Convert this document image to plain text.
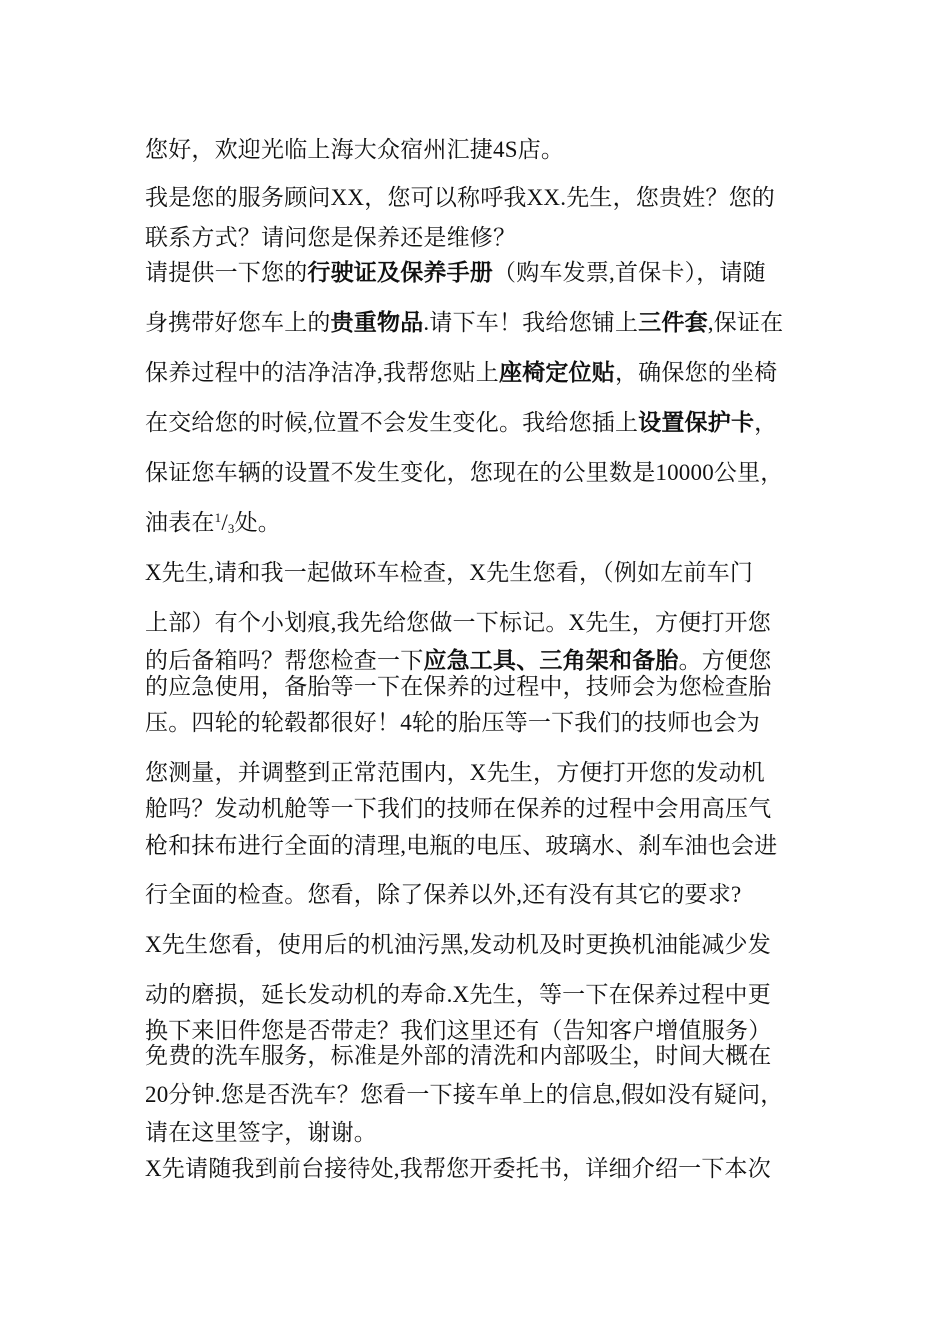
您好，欢迎光临上海大众宿州汇捷4S店。
我是您的服务顾问XX，您可以称呼我XX.先生，您贵姓？您的
联系方式？请问您是保养还是维修？
请提供一下您的行驶证及保养手册（购车发票,首保卡），请随
身携带好您车上的贵重物品.请下车！我给您铺上三件套,保证在
保养过程中的洁净洁净,我帮您贴上座椅定位贴，确保您的坐椅
在交给您的时候,位置不会发生变化。我给您插上设置保护卡，
保证您车辆的设置不发生变化，您现在的公里数是10000公里，
油表在$^1/_3$处。
X先生,请和我一起做环车检查，X先生您看，（例如左前车门
上部）有个小划痕,我先给您做一下标记。X先生，方便打开您
的后备箱吗？帮您检查一下应急工具、三角架和备胎。方便您
的应急使用，备胎等一下在保养的过程中，技师会为您检查胎
压。四轮的轮毂都很好！4轮的胎压等一下我们的技师也会为
您测量，并调整到正常范围内，X先生，方便打开您的发动机
舱吗？发动机舱等一下我们的技师在保养的过程中会用高压气
枪和抹布进行全面的清理,电瓶的电压、玻璃水、刹车油也会进
行全面的检查。您看，除了保养以外,还有没有其它的要求?
X先生您看，使用后的机油污黑,发动机及时更换机油能减少发
动的磨损，延长发动机的寿命.X先生，等一下在保养过程中更
换下来旧件您是否带走？我们这里还有（告知客户增值服务）
免费的洗车服务，标准是外部的清洗和内部吸尘，时间大概在
20分钟.您是否洗车？您看一下接车单上的信息,假如没有疑问，
请在这里签字，谢谢。
X先请随我到前台接待处,我帮您开委托书，详细介绍一下本次
